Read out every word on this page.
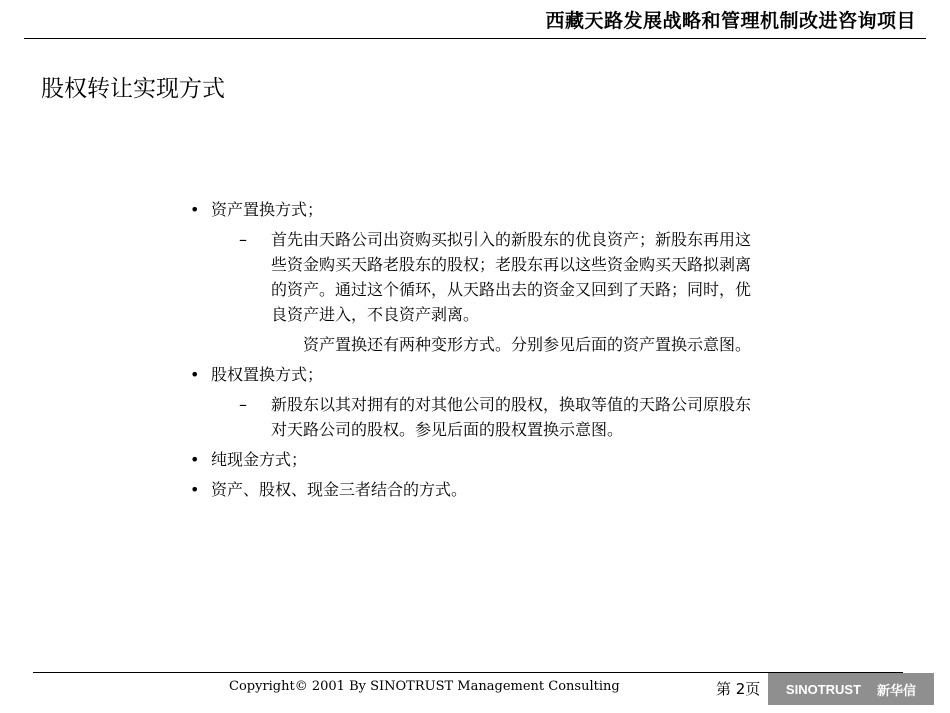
西藏天路发展战略和管理机制改进咨询项目
股权转让实现方式
• 资产置换方式；
–	首先由天路公司出资购买拟引入的新股东的优良资产；新股东再用这些资金购买天路老股东的股权；老股东再以这些资金购买天路拟剥离的资产。通过这个循环，从天路出去的资金又回到了天路；同时，优良资产进入，不良资产剥离。
资产置换还有两种变形方式。分别参见后面的资产置换示意图。
• 股权置换方式；
–	新股东以其对拥有的对其他公司的股权，换取等值的天路公司原股东对天路公司的股权。参见后面的股权置换示意图。
• 纯现金方式；
• 资产、股权、现金三者结合的方式。
Copyright© 2001 By SINOTRUST Management Consulting	第 2页 SINOTRUST 新华信
